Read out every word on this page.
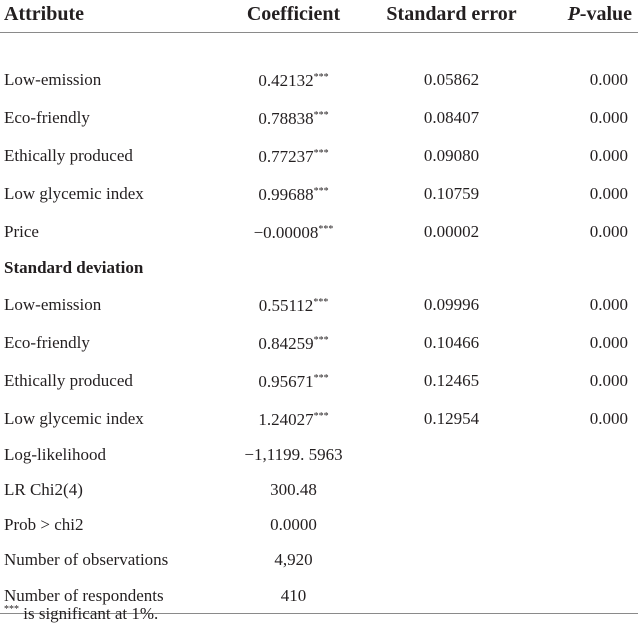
Attribute	Coefficient	Standard error	P-value

Low-emission	0.42132***	0.05862	0.000
Eco-friendly	0.78838***	0.08407	0.000
Ethically produced	0.77237***	0.09080	0.000
Low glycemic index	0.99688***	0.10759	0.000
Price	−0.00008***	0.00002	0.000
Standard deviation			
Low-emission	0.55112***	0.09996	0.000
Eco-friendly	0.84259***	0.10466	0.000
Ethically produced	0.95671***	0.12465	0.000
Low glycemic index	1.24027***	0.12954	0.000
Log-likelihood	−1,1199. 5963		
LR Chi2(4)	300.48		
Prob > chi2	0.0000		
Number of observations	4,920		
Number of respondents	410		
*** is significant at 1%.
